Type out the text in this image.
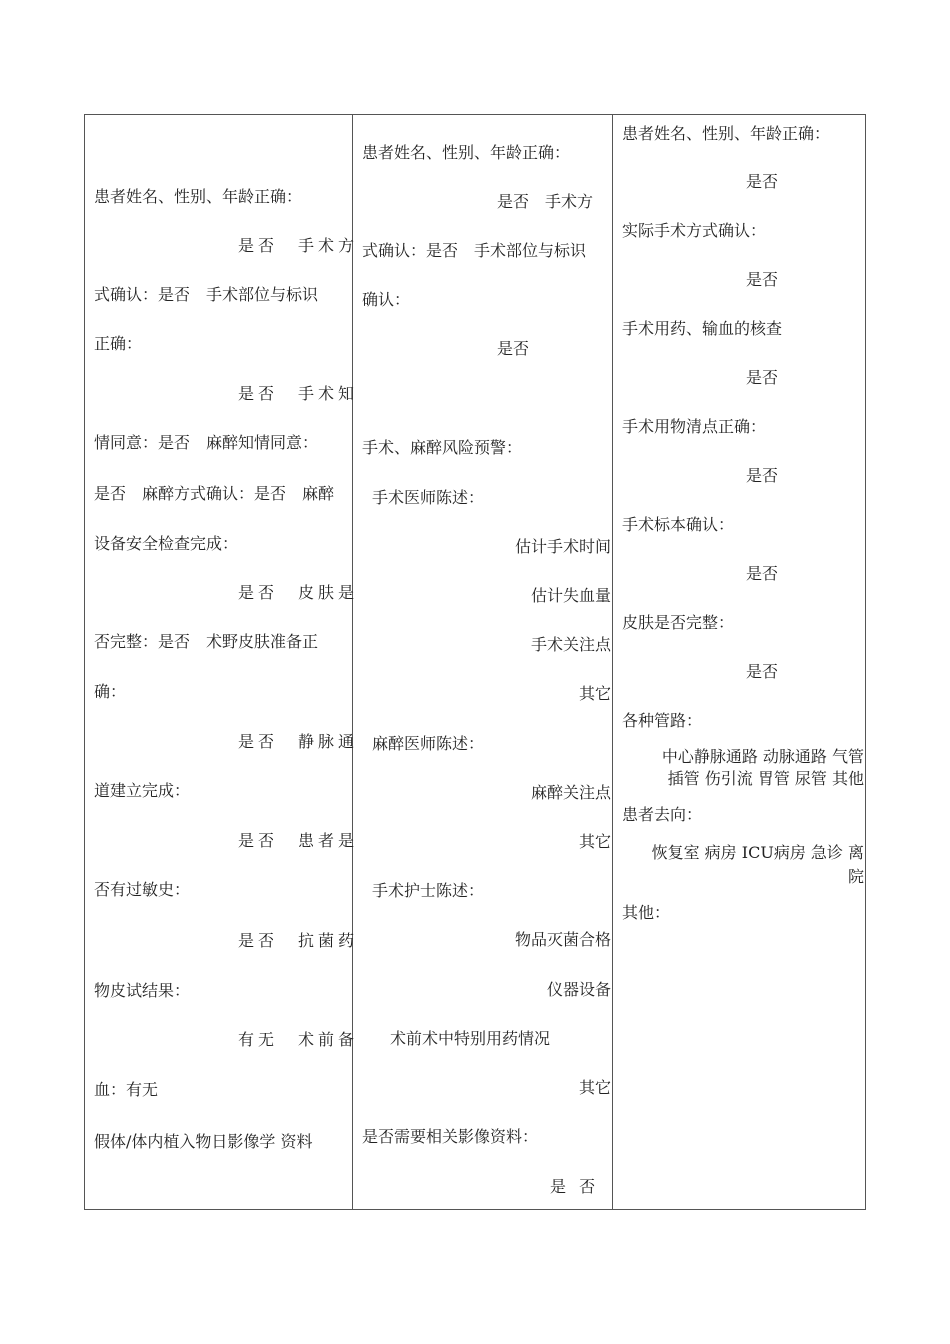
患者姓名、性别、年龄正确：
是否　手术方
式确认：是否　手术部位与标识
正确：
是否　手术知
情同意：是否　麻醉知情同意：
是否　麻醉方式确认：是否　麻醉
设备安全检查完成：
是否　皮肤是
否完整：是否　术野皮肤准备正
确：
是否　静脉通
道建立完成：
是否　患者是
否有过敏史：
是否　抗菌药
物皮试结果：
有无　术前备
血：有无
假体/体内植入物日影像学 资料
患者姓名、性别、年龄正确：
是否　手术方
式确认：是否　手术部位与标识
确认：
是否
手术、麻醉风险预警：
手术医师陈述：
估计手术时间
估计失血量
手术关注点
其它
麻醉医师陈述：
麻醉关注点
其它
手术护士陈述：
物品灭菌合格
仪器设备
术前术中特别用药情况
其它
是否需要相关影像资料：
是 否
患者姓名、性别、年龄正确：
是否
实际手术方式确认：
是否
手术用药、输血的核查
是否
手术用物清点正确：
是否
手术标本确认：
是否
皮肤是否完整：
是否
各种管路：
中心静脉通路 动脉通路 气管
插管 伤引流 胃管 尿管 其他
患者去向：
恢复室 病房 ICU病房 急诊 离
院
其他：
